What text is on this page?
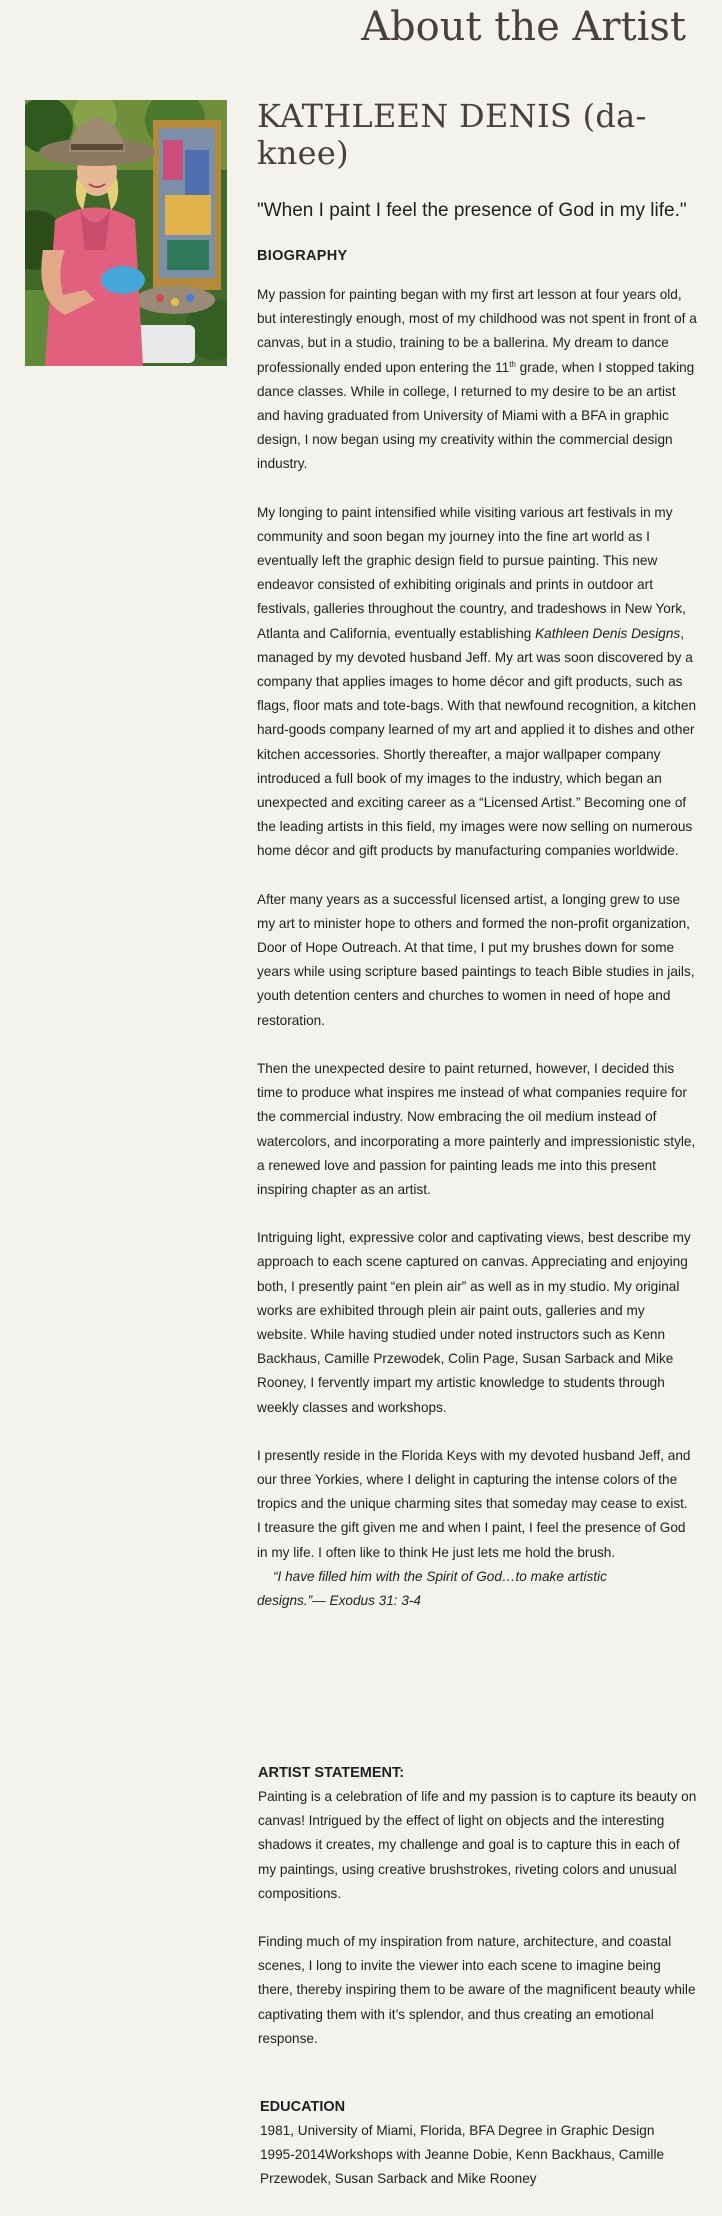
About the Artist
KATHLEEN DENIS (da-knee)

"When I paint I feel the presence of God in my life."

BIOGRAPHY

My passion for painting began with my first art lesson at four years old, but interestingly enough, most of my childhood was not spent in front of a canvas, but in a studio, training to be a ballerina. My dream to dance professionally ended upon entering the 11th grade, when I stopped taking dance classes. While in college, I returned to my desire to be an artist and having graduated from University of Miami with a BFA in graphic design, I now began using my creativity within the commercial design industry.

My longing to paint intensified while visiting various art festivals in my community and soon began my journey into the fine art world as I eventually left the graphic design field to pursue painting. This new endeavor consisted of exhibiting originals and prints in outdoor art festivals, galleries throughout the country, and tradeshows in New York, Atlanta and California, eventually establishing Kathleen Denis Designs, managed by my devoted husband Jeff. My art was soon discovered by a company that applies images to home décor and gift products, such as flags, floor mats and tote-bags. With that newfound recognition, a kitchen hard-goods company learned of my art and applied it to dishes and other kitchen accessories. Shortly thereafter, a major wallpaper company introduced a full book of my images to the industry, which began an unexpected and exciting career as a “Licensed Artist.” Becoming one of the leading artists in this field, my images were now selling on numerous home décor and gift products by manufacturing companies worldwide.

After many years as a successful licensed artist, a longing grew to use my art to minister hope to others and formed the non-profit organization, Door of Hope Outreach. At that time, I put my brushes down for some years while using scripture based paintings to teach Bible studies in jails, youth detention centers and churches to women in need of hope and restoration.

Then the unexpected desire to paint returned, however, I decided this time to produce what inspires me instead of what companies require for the commercial industry. Now embracing the oil medium instead of watercolors, and incorporating a more painterly and impressionistic style, a renewed love and passion for painting leads me into this present inspiring chapter as an artist.

Intriguing light, expressive color and captivating views, best describe my approach to each scene captured on canvas. Appreciating and enjoying both, I presently paint “en plein air” as well as in my studio. My original works are exhibited through plein air paint outs, galleries and my website. While having studied under noted instructors such as Kenn Backhaus, Camille Przewodek, Colin Page, Susan Sarback and Mike Rooney, I fervently impart my artistic knowledge to students through weekly classes and workshops.

I presently reside in the Florida Keys with my devoted husband Jeff, and our three Yorkies, where I delight in capturing the intense colors of the tropics and the unique charming sites that someday may cease to exist.

I treasure the gift given me and when I paint, I feel the presence of God in my life. I often like to think He just lets me hold the brush.

“I have filled him with the Spirit of God…to make artistic
designs.”— Exodus 31: 3-4

ARTIST STATEMENT:

Painting is a celebration of life and my passion is to capture its beauty on canvas! Intrigued by the effect of light on objects and the interesting shadows it creates, my challenge and goal is to capture this in each of my paintings, using creative brushstrokes, riveting colors and unusual compositions.

Finding much of my inspiration from nature, architecture, and coastal scenes, I long to invite the viewer into each scene to imagine being there, thereby inspiring them to be aware of the magnificent beauty while captivating them with it’s splendor, and thus creating an emotional response.

EDUCATION

1981, University of Miami, Florida, BFA Degree in Graphic Design

1995-2014Workshops with Jeanne Dobie, Kenn Backhaus, Camille Przewodek, Susan Sarback and Mike Rooney
